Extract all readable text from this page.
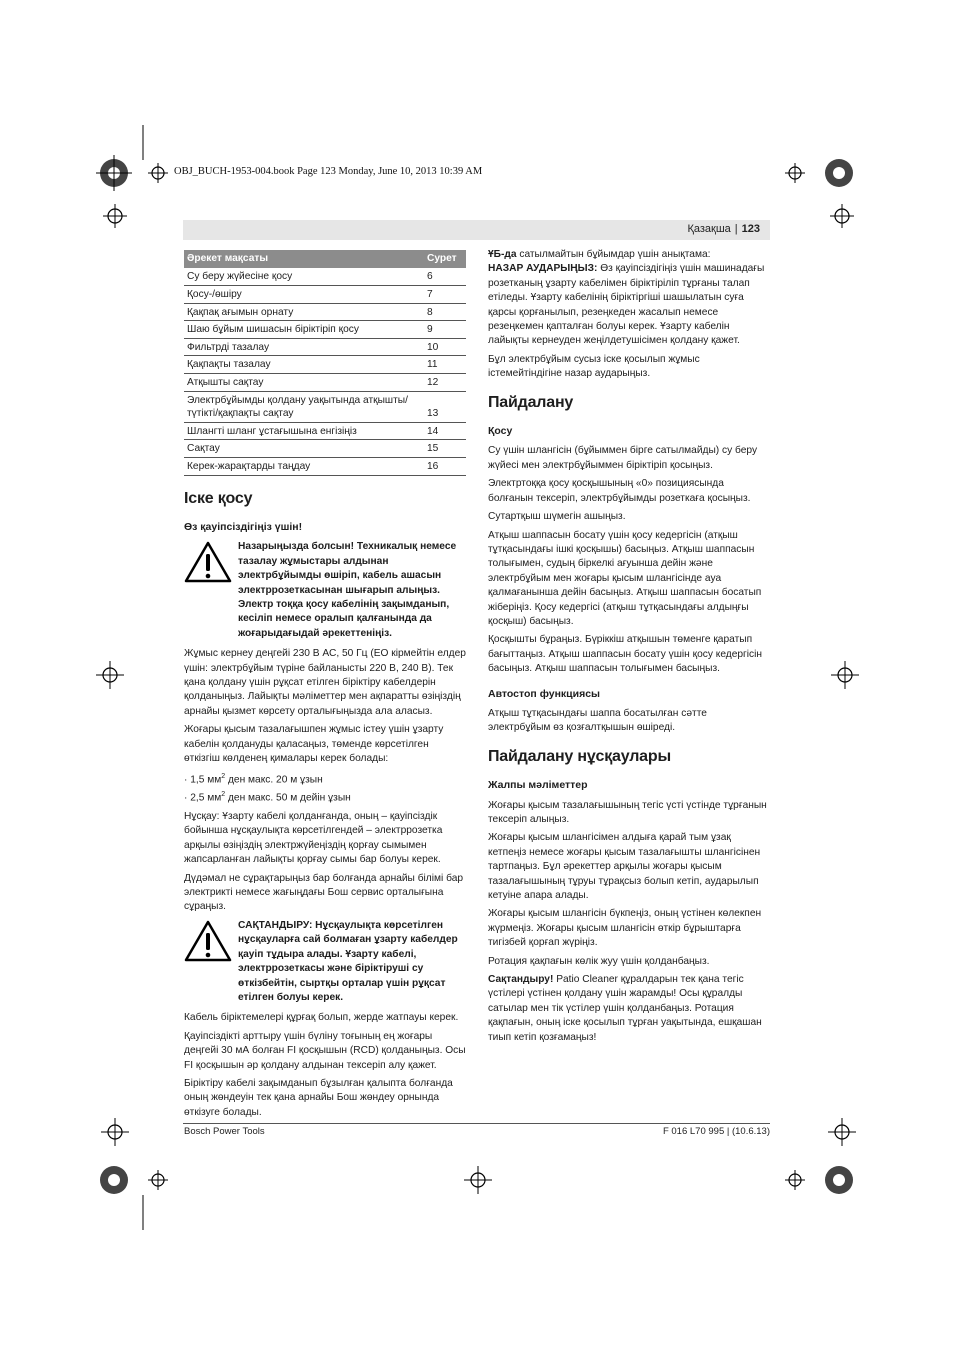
OBJ_BUCH-1953-004.book Page 123 Monday, June 10, 2013 10:39 AM
Қазақша | 123
Әрекет мақсаты	Сурет
Су беру жүйесіне қосу	6
Қосу-/өшіру	7
Қақпақ ағымын орнату	8
Шаю бұйым шишасын біріктіріп қосу	9
Фильтрді тазалау	10
Қақпақты тазалау	11
Атқышты сақтау	12
Электрбұйымды қолдану уақытында атқышты/түтікті/қақпақты сақтау	13
Шлангті шланг ұстағышына енгізіңіз	14
Сақтау	15
Керек-жарақтарды таңдау	16
Іске қосу
Өз қауіпсіздігіңіз үшін!
Назарыңызда болсын! Техникалық немесе тазалау жұмыстары алдынан электрбұйымды өшіріп, кабель ашасын электррозеткасынан шығарып алыңыз. Электр тоққа қосу кабелінің зақымданып, кесіліп немесе оралып қалғанында да жоғарыдағыдай әрекеттеніңіз.

Жұмыс кернеу деңгейі 230 В АС, 50 Гц (ЕО кірмейтін елдер үшін: электрбұйым түріне байланысты 220 В, 240 В). Тек қана қолдану үшін рұқсат етілген біріктіру кабелдерін қолданыңыз. Лайықты мәліметтер мен ақпаратты өзіңіздің арнайы қызмет көрсету орталығыңызда ала аласыз.

Жоғары қысым тазалағышпен жұмыс істеу үшін ұзарту кабелін қолдануды қаласаңыз, төменде көрсетілген өткізгіш көлденең қималары керек болады:

· 1,5 $мм^2$ ден макс. 20 м ұзын

· 2,5 $мм^2$ ден макс. 50 м дейін ұзын

Нұсқау: Ұзарту кабелі қолданғанда, оның – қауіпсіздік бойынша нұсқаулықта көрсетілгендей – электррозетка арқылы өзіңіздің электржүйеңіздің қорғау сымымен жапсарланған лайықты қорғау сымы бар болуы керек.

Дүдәмал не сұрақтарыңыз бар болғанда арнайы білімі бар электрикті немесе жағыңдағы Бош сервис орталығына сұраңыз.

САҚТАНДЫРУ: Нұсқаулықта көрсетілген нұсқауларға сай болмаған ұзарту кабелдер қауіп тұдыра алады. Ұзарту кабелі, электррозеткасы және біріктіруші су өткізбейтін, сыртқы орталар үшін рұқсат етілген болуы керек.

Кабель біріктемелері құрғақ болып, жерде жатпауы керек.

Қауіпсіздікті арттыру үшін бүліну тоғының ең жоғары деңгейі 30 мА болған FI қосқышын (RCD) қолданыңыз. Осы FI қосқышын әр қолдану алдынан тексеріп алу қажет.

Біріктіру кабелі зақымданып бұзылған қалыпта болғанда оның жөндеуін тек қана арнайы Бош жөндеу орнында өткізуге болады.

ҰБ-да сатылмайтын бұйымдар үшін анықтама:

НАЗАР АУДАРЫҢЫЗ: Өз қауіпсіздігіңіз үшін машинадағы розетканың ұзарту кабелімен біріктіріліп тұрғаны талап етіледы. Ұзарту кабелінің біріктіргіші шашылатын суға қарсы қорғанылып, резеңкеден жасалып немесе резеңкемен қапталған болуы керек. Ұзарту кабелін лайықты кернеуден жеңілдетушісімен қолдану қажет.

Бұл электрбұйым сусыз іске қосылып жұмыс істемейтіндігіне назар аударыңыз.

Пайдалану
Қосу

Су үшін шлангісін (бұйыммен бірге сатылмайды) су беру жүйесі мен электрбұйыммен біріктіріп қосыңыз.

Электртоққа қосу қосқышының «0» позициясында болғанын тексеріп, электрбұйымды розеткаға қосыңыз.

Сутартқыш шүмегін ашыңыз.

Атқыш шаппасын босату үшін қосу кедергісін (атқыш тұтқасындағы ішкі қосқышы) басыңыз. Атқыш шаппасын толығымен, судың біркелкі ағуынша дейін және электрбұйым мен жоғары қысым шлангісінде ауа қалмағанынша дейін басыңыз. Атқыш шаппасын босатып жіберіңіз. Қосу кедергісі (атқыш тұтқасындағы алдыңғы қосқыш) басыңыз.

Қосқышты бұраңыз. Бүріккіш атқышын төменге қаратып бағыттаңыз. Атқыш шаппасын босату үшін қосу кедергісін басыңыз. Атқыш шаппасын толығымен басыңыз.

Автостоп функциясы

Атқыш тұтқасындағы шаппа босатылған сәтте электрбұйым өз қозғалтқышын өшіреді.

Пайдалану нұсқаулары
Жалпы мәліметтер

Жоғары қысым тазалағышының тегіс үсті үстінде тұрғанын тексеріп алыңыз.

Жоғары қысым шлангісімен алдыға қарай тым ұзақ кетпеңіз немесе жоғары қысым тазалағышты шлангісінен тартпаңыз. Бұл әрекеттер арқылы жоғары қысым тазалағышының тұруы тұрақсыз болып кетіп, аударылып кетуіне апара алады.

Жоғары қысым шлангісін бүкпеңіз, оның үстінен көлекпен жүрмеңіз. Жоғары қысым шлангісін өткір бұрыштарға тигізбей қорғап жүріңіз.

Ротация қақпағын көлік жуу үшін қолданбаңыз.

Сақтандыру! Patio Cleaner құралдарын тек қана тегіс үстілері үстінен қолдану үшін жарамды! Осы құралды сатылар мен тік үстілер үшін қолданбаңыз. Ротация қақпағын, оның іске қосылып тұрған уақытында, ешқашан тиып кетіп қозғамаңыз!

Bosch Power Tools	F 016 L70 995 | (10.6.13)
